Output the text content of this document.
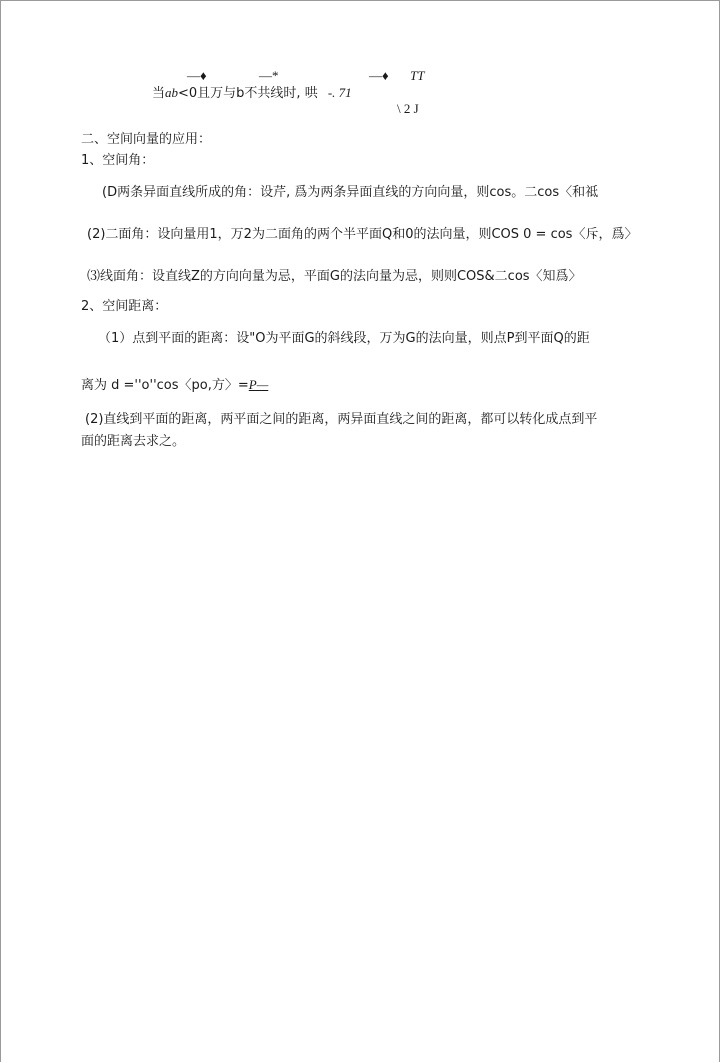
—♦	—*	—♦ TT
当ab<0且万与b不共线时, 哄 -. 71
\ 2 J
二、空间向量的应用：
1、空间角：
(D两条异面直线所成的角：设芹, 爲为两条异面直线的方向向量，则cos。二cos〈和祗
(2)二面角：设向量用1，万2为二面角的两个半平面Q和0的法向量，则COS 0 = cos〈斥，爲〉
⑶线面角：设直线Z的方向向量为忌，平面G的法向量为忌，则则COS&二cos〈知爲〉
2、空间距离：
（1）点到平面的距离：设"O为平面G的斜线段，万为G的法向量，则点P到平面Q的距
离为 d =''o''cos〈po,方〉=P—
(2)直线到平面的距离，两平面之间的距离，两异面直线之间的距离，都可以转化成点到平
面的距离去求之。
